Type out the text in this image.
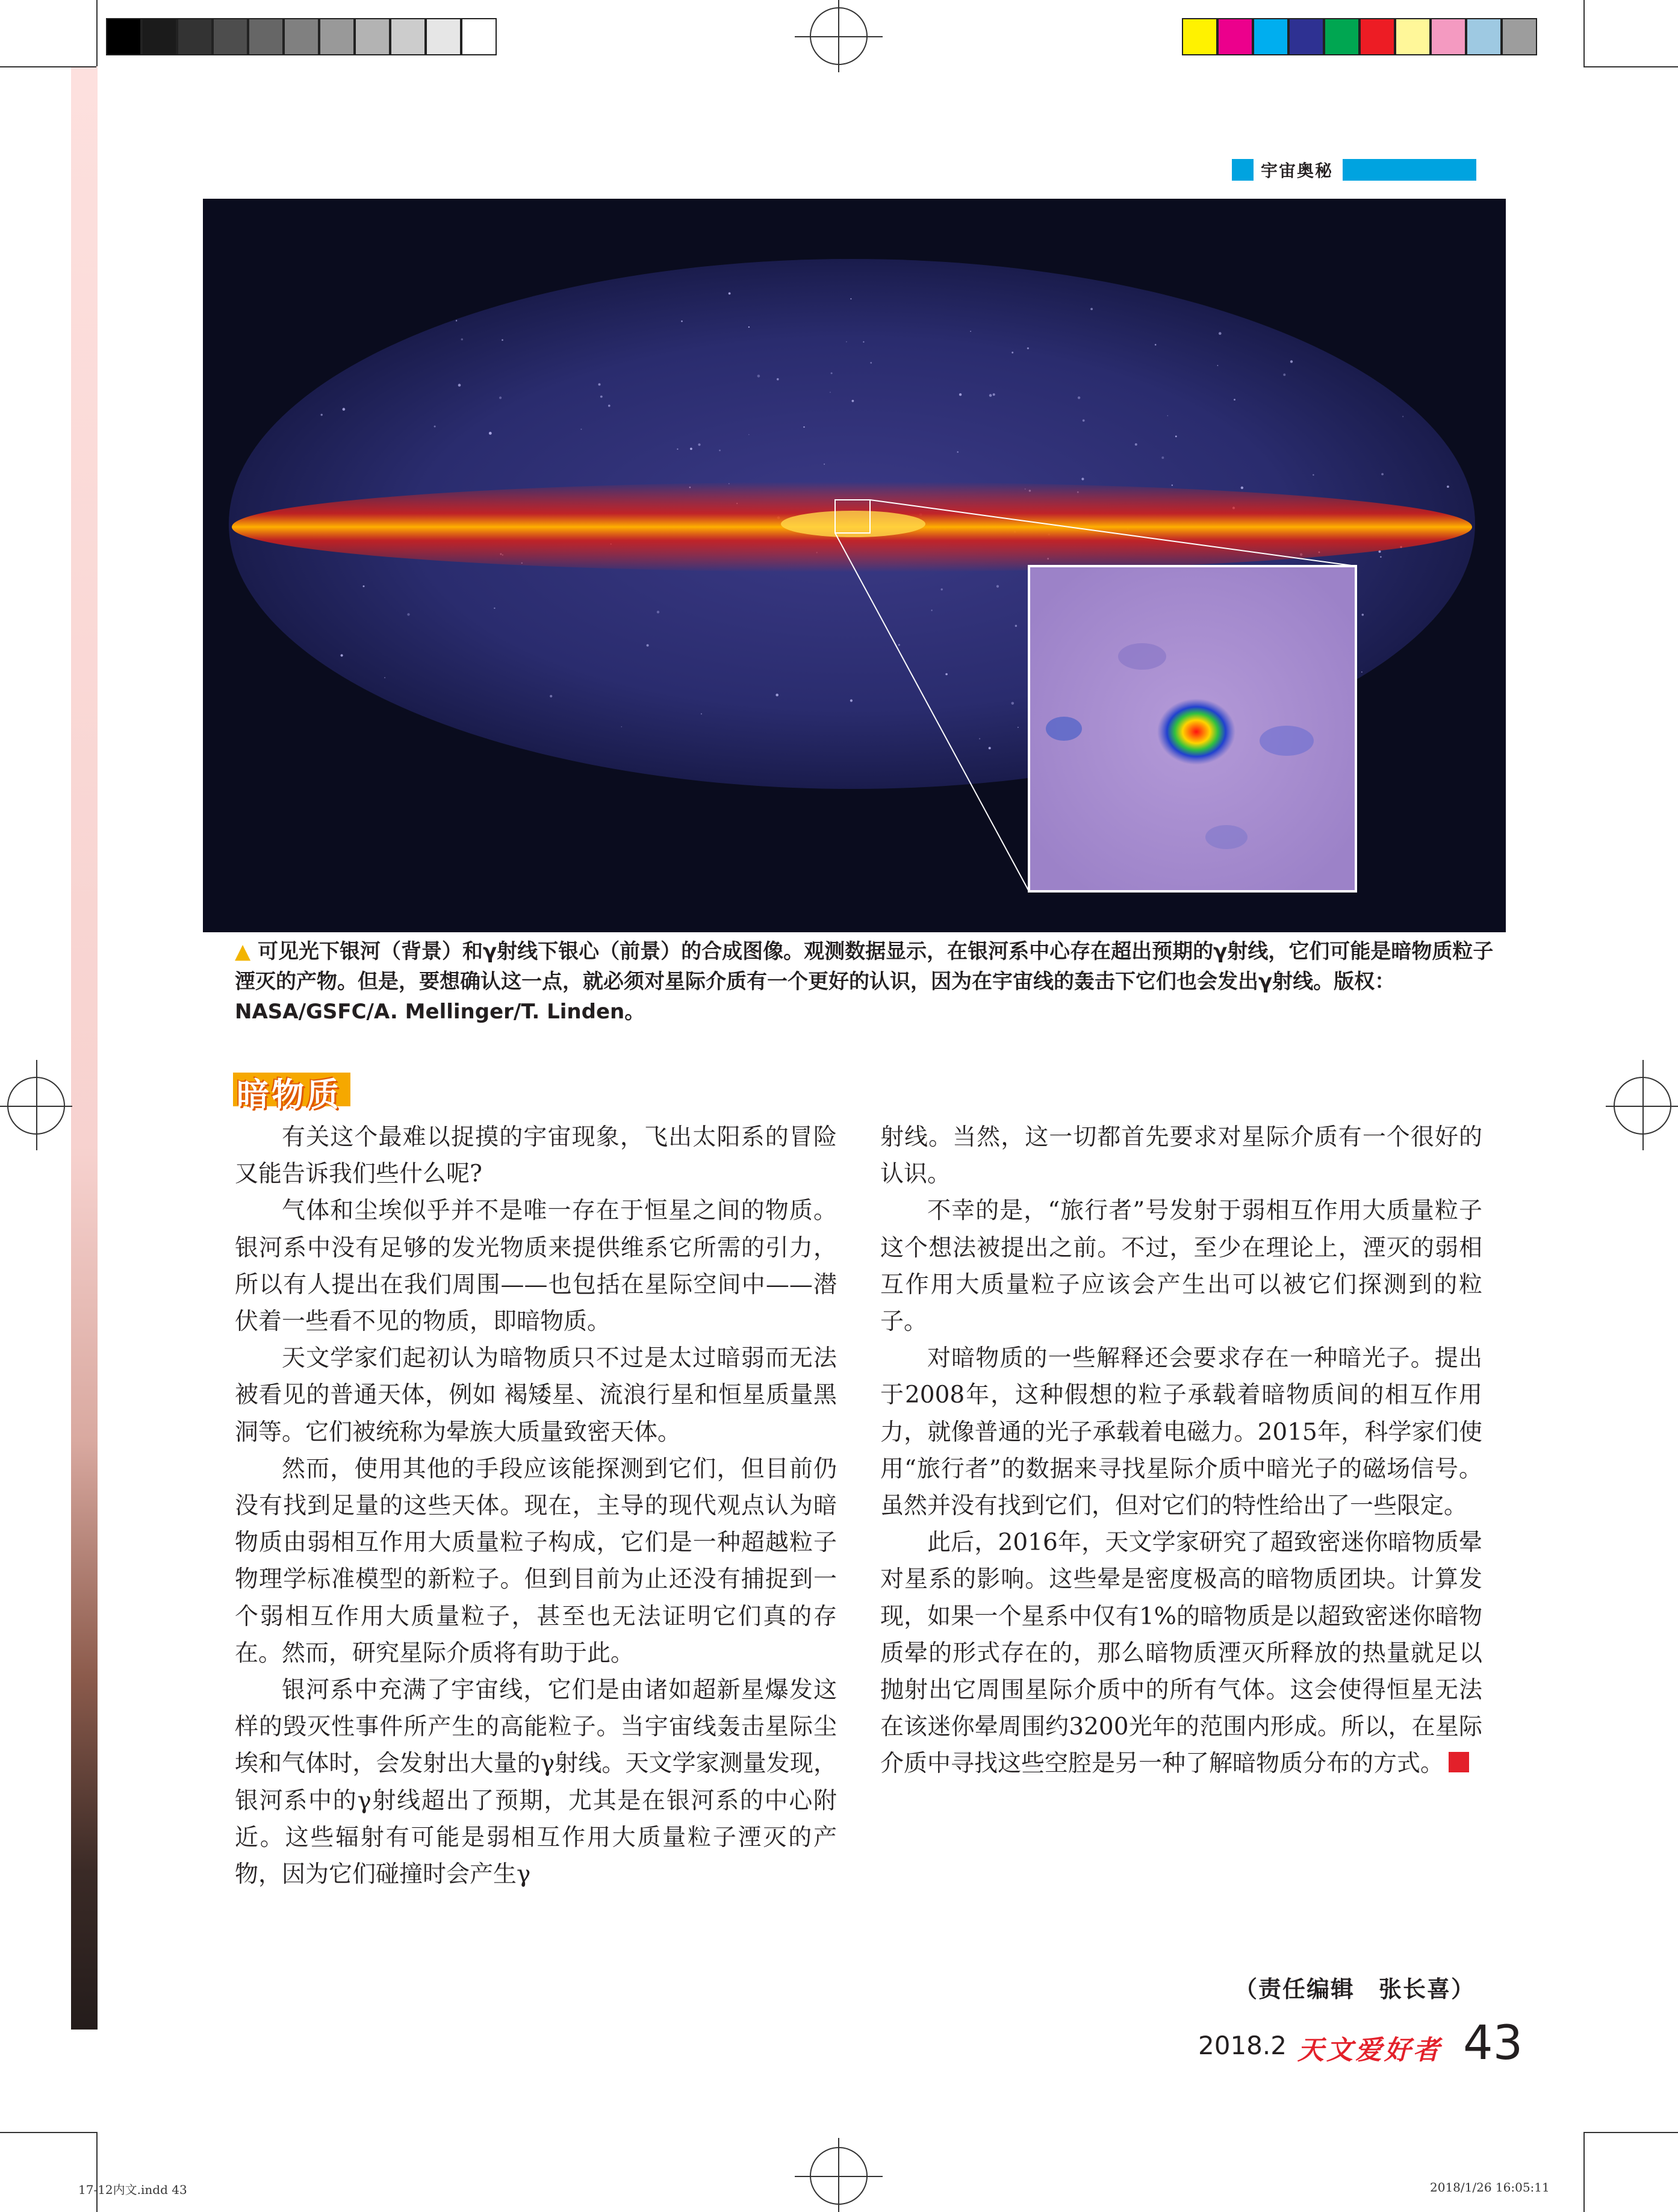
宇宙奥秘
▲ 可见光下银河（背景）和γ射线下银心（前景）的合成图像。观测数据显示，在银河系中心存在超出预期的γ射线，它们可能是暗物质粒子湮灭的产物。但是，要想确认这一点，就必须对星际介质有一个更好的认识，因为在宇宙线的轰击下它们也会发出γ射线。版权：NASA/GSFC/A. Mellinger/T. Linden。
暗物质

有关这个最难以捉摸的宇宙现象，飞出太阳系的冒险又能告诉我们些什么呢?

气体和尘埃似乎并不是唯一存在于恒星之间的物质。银河系中没有足够的发光物质来提供维系它所需的引力，所以有人提出在我们周围——也包括在星际空间中——潜伏着一些看不见的物质，即暗物质。

天文学家们起初认为暗物质只不过是太过暗弱而无法被看见的普通天体，例如 褐矮星、流浪行星和恒星质量黑洞等。它们被统称为晕族大质量致密天体。

然而，使用其他的手段应该能探测到它们，但目前仍没有找到足量的这些天体。现在，主导的现代观点认为暗物质由弱相互作用大质量粒子构成，它们是一种超越粒子物理学标准模型的新粒子。但到目前为止还没有捕捉到一个弱相互作用大质量粒子，甚至也无法证明它们真的存在。然而，研究星际介质将有助于此。

银河系中充满了宇宙线，它们是由诸如超新星爆发这样的毁灭性事件所产生的高能粒子。当宇宙线轰击星际尘埃和气体时，会发射出大量的γ射线。天文学家测量发现，银河系中的γ射线超出了预期，尤其是在银河系的中心附近。这些辐射有可能是弱相互作用大质量粒子湮灭的产物，因为它们碰撞时会产生γ

射线。当然，这一切都首先要求对星际介质有一个很好的认识。

不幸的是，“旅行者”号发射于弱相互作用大质量粒子这个想法被提出之前。不过，至少在理论上，湮灭的弱相互作用大质量粒子应该会产生出可以被它们探测到的粒子。

对暗物质的一些解释还会要求存在一种暗光子。提出于2008年，这种假想的粒子承载着暗物质间的相互作用力，就像普通的光子承载着电磁力。2015年，科学家们使用“旅行者”的数据来寻找星际介质中暗光子的磁场信号。虽然并没有找到它们，但对它们的特性给出了一些限定。

此后，2016年，天文学家研究了超致密迷你暗物质晕对星系的影响。这些晕是密度极高的暗物质团块。计算发现，如果一个星系中仅有1%的暗物质是以超致密迷你暗物质晕的形式存在的，那么暗物质湮灭所释放的热量就足以抛射出它周围星际介质中的所有气体。这会使得恒星无法在该迷你晕周围约3200光年的范围内形成。所以，在星际介质中寻找这些空腔是另一种了解暗物质分布的方式。

（责任编辑　张长喜）
2018.2 天文爱好者 43
17-12内文.indd 43	2018/1/26 16:05:11
